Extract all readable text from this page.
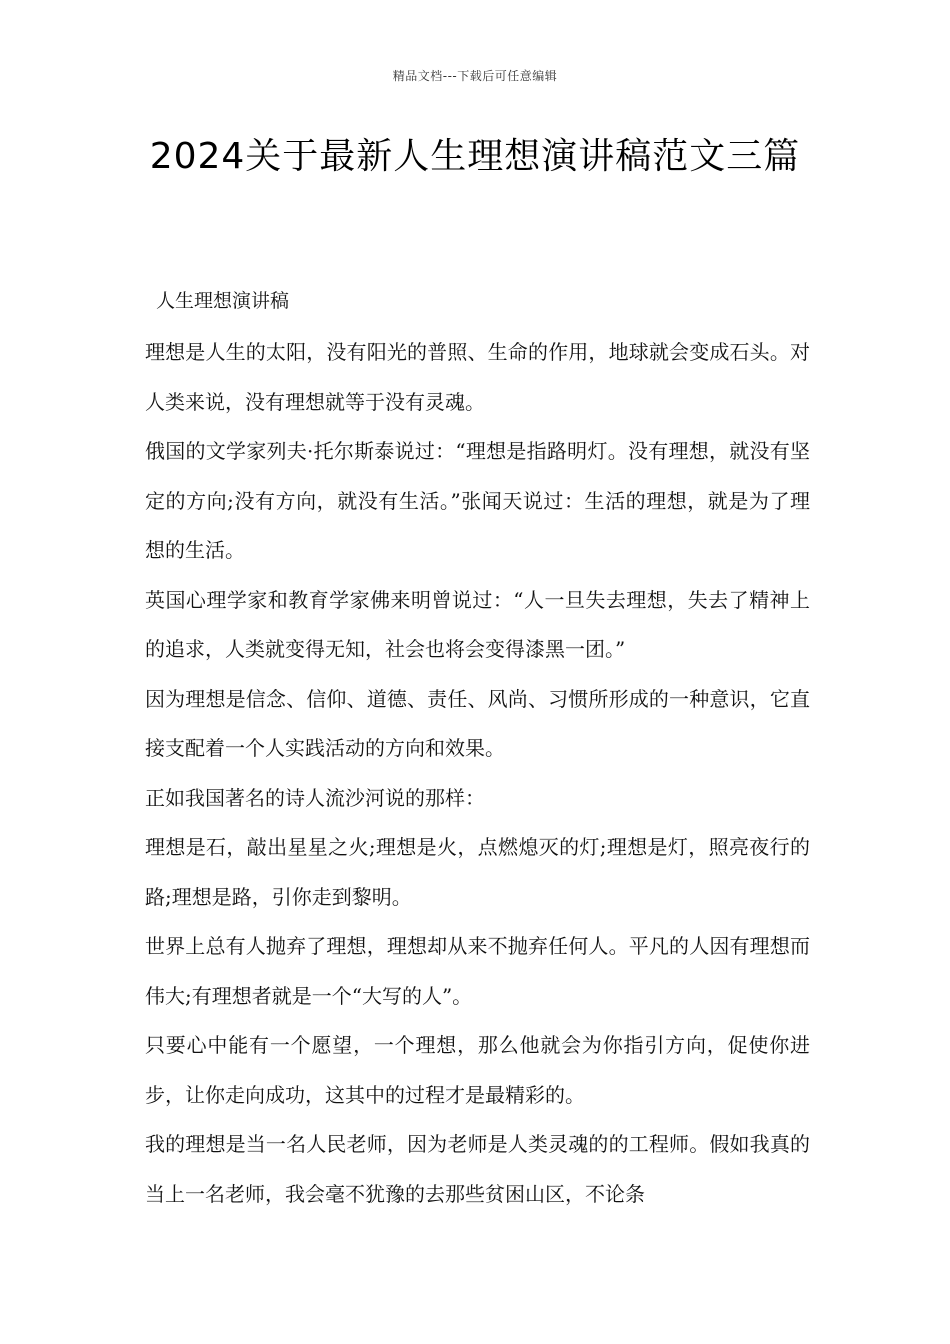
精品文档---下载后可任意编辑
2024关于最新人生理想演讲稿范文三篇
人生理想演讲稿

理想是人生的太阳，没有阳光的普照、生命的作用，地球就会变成石头。对人类来说，没有理想就等于没有灵魂。

俄国的文学家列夫·托尔斯泰说过：“理想是指路明灯。没有理想，就没有坚定的方向;没有方向，就没有生活。”张闻天说过：生活的理想，就是为了理想的生活。

英国心理学家和教育学家佛来明曾说过：“人一旦失去理想，失去了精神上的追求，人类就变得无知，社会也将会变得漆黑一团。”

因为理想是信念、信仰、道德、责任、风尚、习惯所形成的一种意识，它直接支配着一个人实践活动的方向和效果。

正如我国著名的诗人流沙河说的那样：

理想是石，敲出星星之火;理想是火，点燃熄灭的灯;理想是灯，照亮夜行的路;理想是路，引你走到黎明。

世界上总有人抛弃了理想，理想却从来不抛弃任何人。平凡的人因有理想而伟大;有理想者就是一个“大写的人”。

只要心中能有一个愿望，一个理想，那么他就会为你指引方向，促使你进步，让你走向成功，这其中的过程才是最精彩的。

我的理想是当一名人民老师，因为老师是人类灵魂的的工程师。假如我真的当上一名老师，我会毫不犹豫的去那些贫困山区，不论条
